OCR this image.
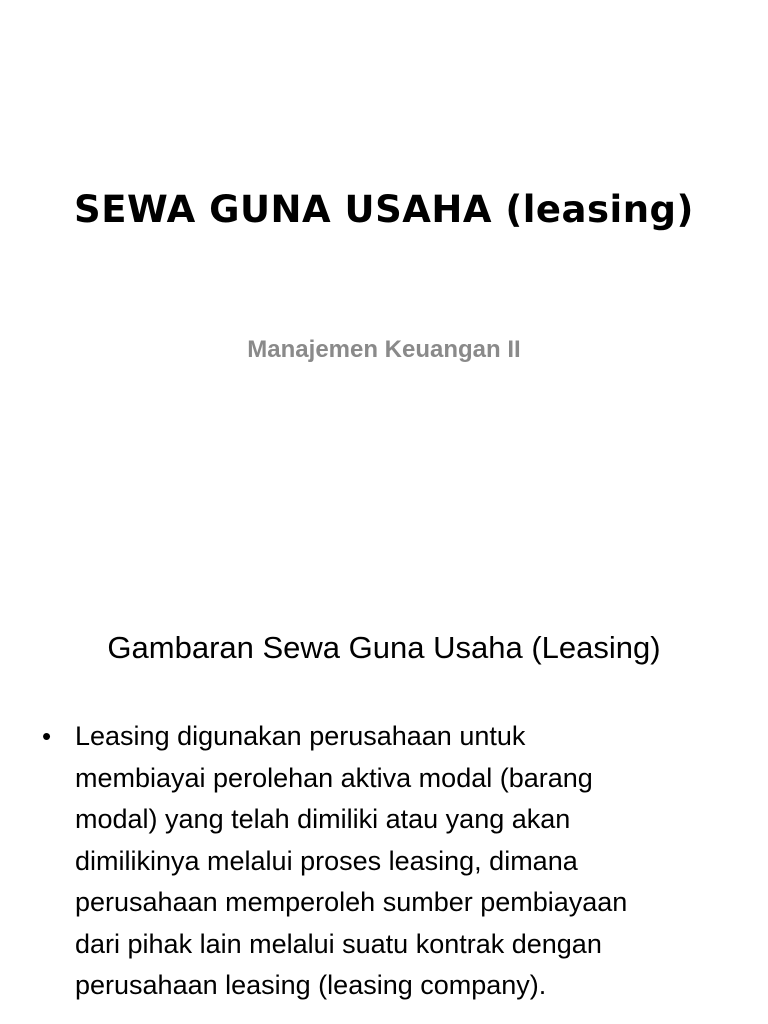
SEWA GUNA USAHA (leasing)
Manajemen Keuangan II
Gambaran Sewa Guna Usaha (Leasing)
• Leasing digunakan perusahaan untuk
membiayai perolehan aktiva modal (barang
modal) yang telah dimiliki atau yang akan
dimilikinya melalui proses leasing, dimana
perusahaan memperoleh sumber pembiayaan
dari pihak lain melalui suatu kontrak dengan
perusahaan leasing (leasing company).
